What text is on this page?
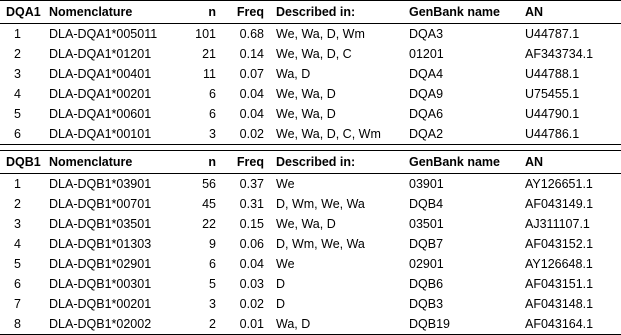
DQA1	Nomenclature	n	Freq	Described in:	GenBank name	AN
1	DLA-DQA1*005011	101	0.68	We, Wa, D, Wm	DQA3	U44787.1
2	DLA-DQA1*01201	21	0.14	We, Wa, D, C	01201	AF343734.1
3	DLA-DQA1*00401	11	0.07	Wa, D	DQA4	U44788.1
4	DLA-DQA1*00201	6	0.04	We, Wa, D	DQA9	U75455.1
5	DLA-DQA1*00601	6	0.04	We, Wa, D	DQA6	U44790.1
6	DLA-DQA1*00101	3	0.02	We, Wa, D, C, Wm	DQA2	U44786.1
DQB1	Nomenclature	n	Freq	Described in:	GenBank name	AN
1	DLA-DQB1*03901	56	0.37	We	03901	AY126651.1
2	DLA-DQB1*00701	45	0.31	D, Wm, We, Wa	DQB4	AF043149.1
3	DLA-DQB1*03501	22	0.15	We, Wa, D	03501	AJ311107.1
4	DLA-DQB1*01303	9	0.06	D, Wm, We, Wa	DQB7	AF043152.1
5	DLA-DQB1*02901	6	0.04	We	02901	AY126648.1
6	DLA-DQB1*00301	5	0.03	D	DQB6	AF043151.1
7	DLA-DQB1*00201	3	0.02	D	DQB3	AF043148.1
8	DLA-DQB1*02002	2	0.01	Wa, D	DQB19	AF043164.1
